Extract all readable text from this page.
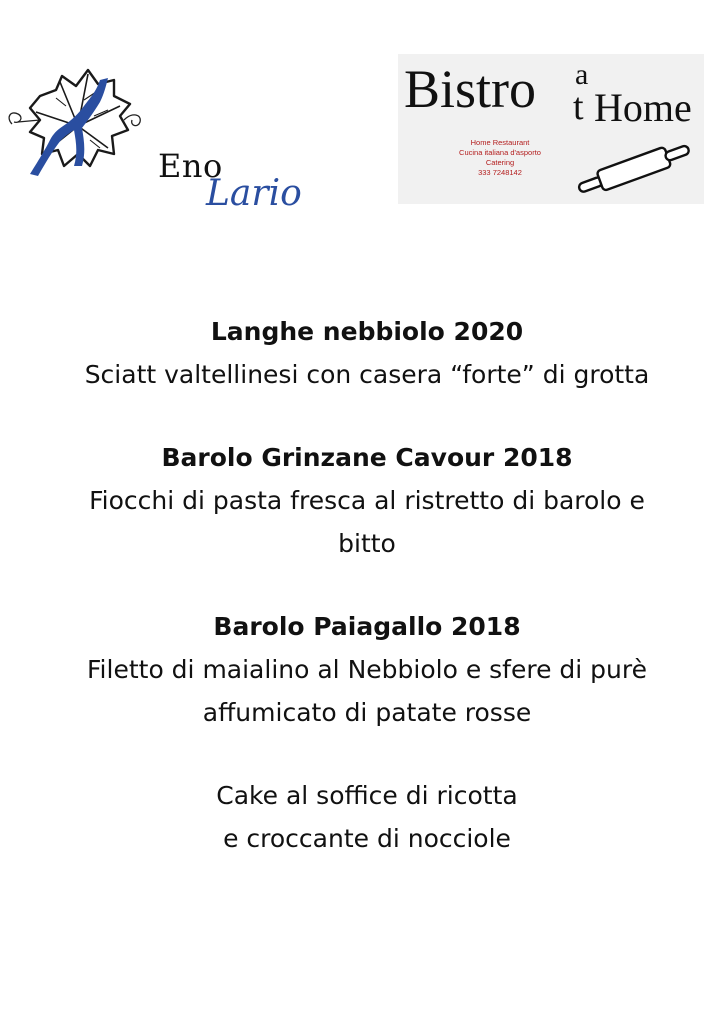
Eno
Lario
Bistro a
t Home
Home Restaurant
Cucina italiana d'asporto
Catering
333 7248142

Langhe nebbiolo 2020

Sciatt valtellinesi con casera “forte” di grotta

Barolo Grinzane Cavour 2018

Fiocchi di pasta fresca al ristretto di barolo e

bitto

Barolo Paiagallo 2018

Filetto di maialino al Nebbiolo e sfere di purè

affumicato di patate rosse

Cake al soffice di ricotta

e croccante di nocciole
